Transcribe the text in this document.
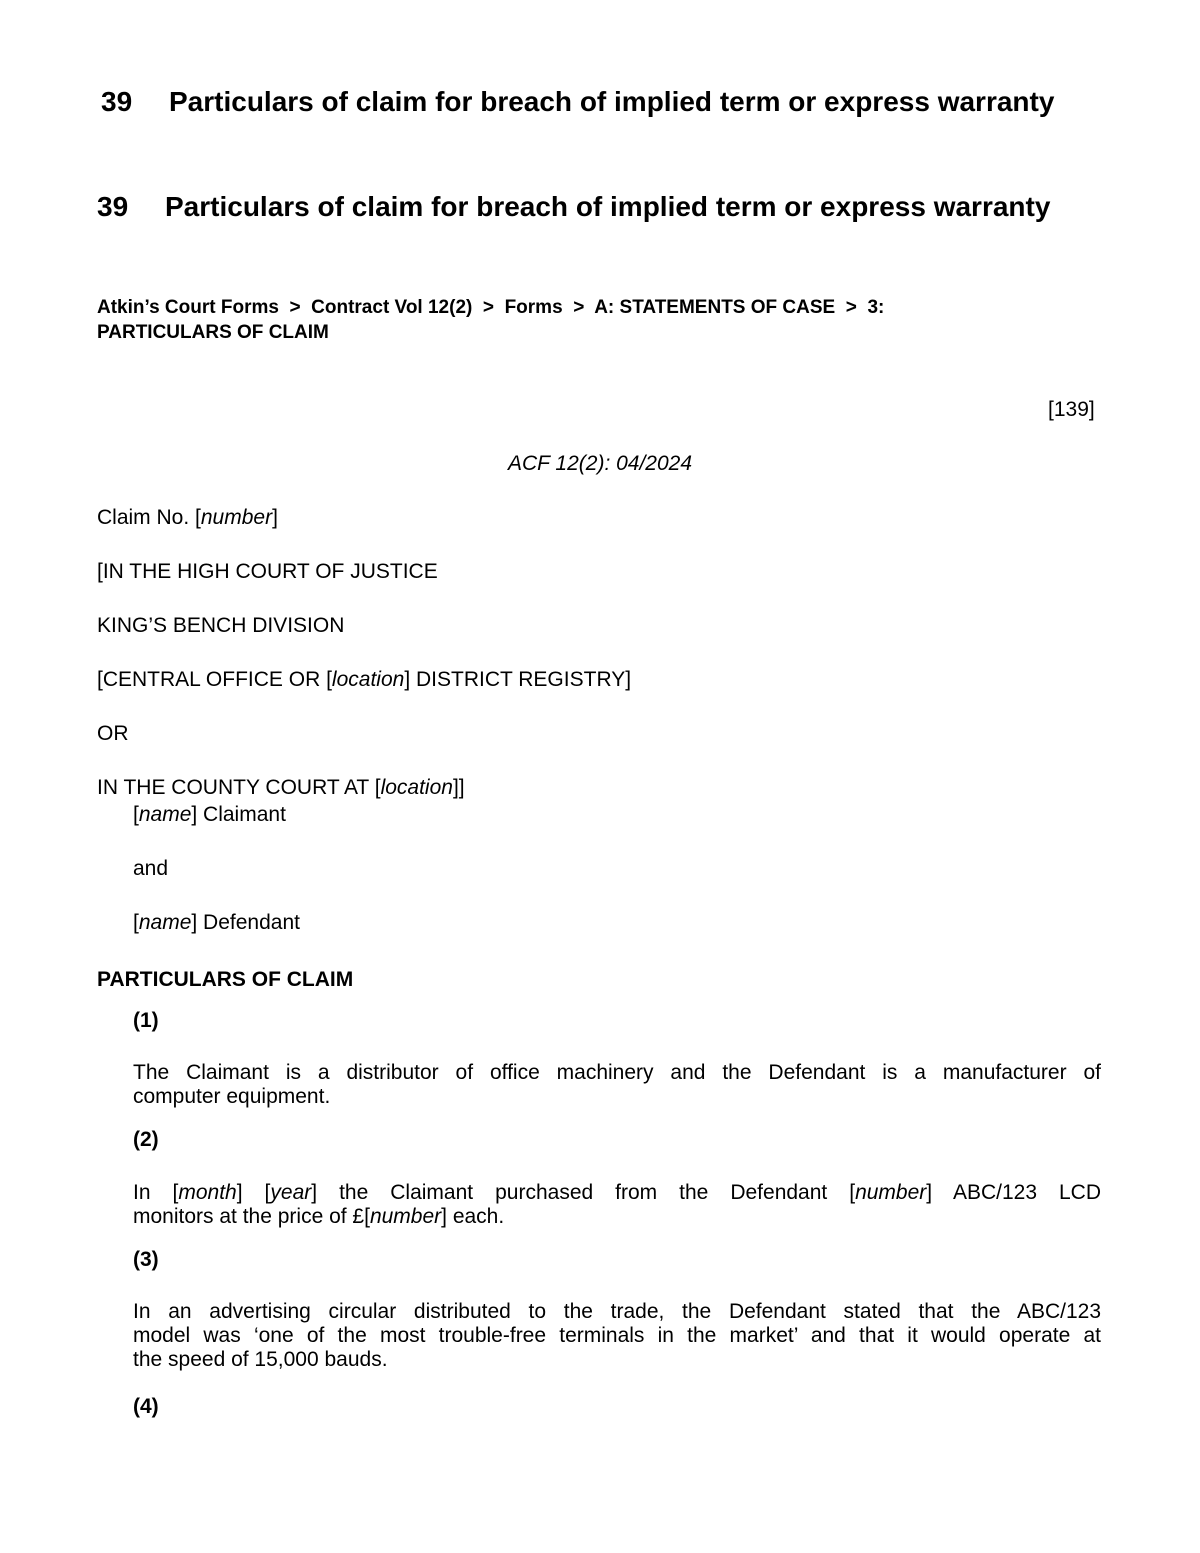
39 Particulars of claim for breach of implied term or express warranty
39 Particulars of claim for breach of implied term or express warranty
Atkin’s Court Forms > Contract Vol 12(2) > Forms > A: STATEMENTS OF CASE > 3:
PARTICULARS OF CLAIM
[139]
ACF 12(2): 04/2024
Claim No. [number]
[IN THE HIGH COURT OF JUSTICE
KING’S BENCH DIVISION
[CENTRAL OFFICE OR [location] DISTRICT REGISTRY]
OR
IN THE COUNTY COURT AT [location]]
[name] Claimant
and
[name] Defendant
PARTICULARS OF CLAIM
(1)
The Claimant is a distributor of office machinery and the Defendant is a manufacturer of
computer equipment.
(2)
In [month] [year] the Claimant purchased from the Defendant [number] ABC/123 LCD
monitors at the price of £[number] each.
(3)
In an advertising circular distributed to the trade, the Defendant stated that the ABC/123
model was ‘one of the most trouble-free terminals in the market’ and that it would operate at
the speed of 15,000 bauds.
(4)
